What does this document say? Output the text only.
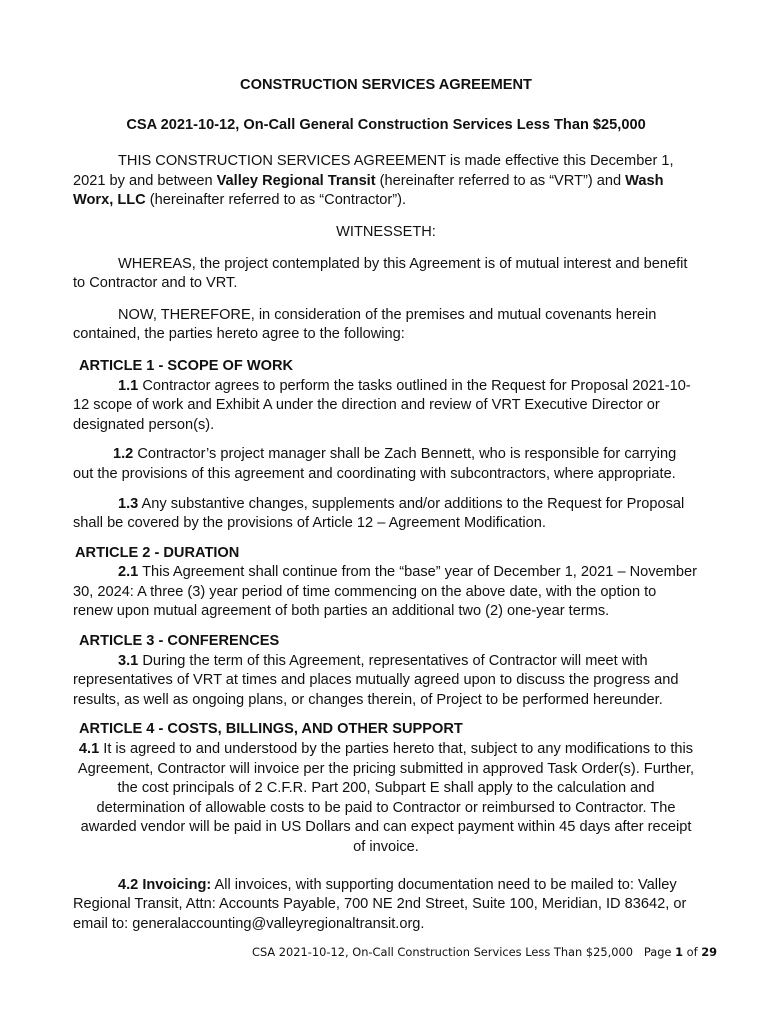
CONSTRUCTION SERVICES AGREEMENT

CSA 2021-10-12, On-Call General Construction Services Less Than $25,000

THIS CONSTRUCTION SERVICES AGREEMENT is made effective this December 1, 2021 by and between Valley Regional Transit (hereinafter referred to as “VRT”) and Wash Worx, LLC (hereinafter referred to as “Contractor”).

WITNESSETH:

WHEREAS, the project contemplated by this Agreement is of mutual interest and benefit to Contractor and to VRT.

NOW, THEREFORE, in consideration of the premises and mutual covenants herein contained, the parties hereto agree to the following:

ARTICLE 1 - SCOPE OF WORK

1.1 Contractor agrees to perform the tasks outlined in the Request for Proposal 2021-10-12 scope of work and Exhibit A under the direction and review of VRT Executive Director or designated person(s).

1.2 Contractor’s project manager shall be Zach Bennett, who is responsible for carrying out the provisions of this agreement and coordinating with subcontractors, where appropriate.

1.3 Any substantive changes, supplements and/or additions to the Request for Proposal shall be covered by the provisions of Article 12 – Agreement Modification.

ARTICLE 2 - DURATION

2.1 This Agreement shall continue from the “base” year of December 1, 2021 – November 30, 2024: A three (3) year period of time commencing on the above date, with the option to renew upon mutual agreement of both parties an additional two (2) one-year terms.

ARTICLE 3 - CONFERENCES

3.1 During the term of this Agreement, representatives of Contractor will meet with representatives of VRT at times and places mutually agreed upon to discuss the progress and results, as well as ongoing plans, or changes therein, of Project to be performed hereunder.

ARTICLE 4 - COSTS, BILLINGS, AND OTHER SUPPORT

4.1 It is agreed to and understood by the parties hereto that, subject to any modifications to this Agreement, Contractor will invoice per the pricing submitted in approved Task Order(s). Further, the cost principals of 2 C.F.R. Part 200, Subpart E shall apply to the calculation and determination of allowable costs to be paid to Contractor or reimbursed to Contractor. The awarded vendor will be paid in US Dollars and can expect payment within 45 days after receipt of invoice.

4.2 Invoicing: All invoices, with supporting documentation need to be mailed to: Valley Regional Transit, Attn: Accounts Payable, 700 NE 2nd Street, Suite 100, Meridian, ID 83642, or email to: generalaccounting@valleyregionaltransit.org.

CSA 2021-10-12, On-Call Construction Services Less Than $25,000 Page 1 of 29
